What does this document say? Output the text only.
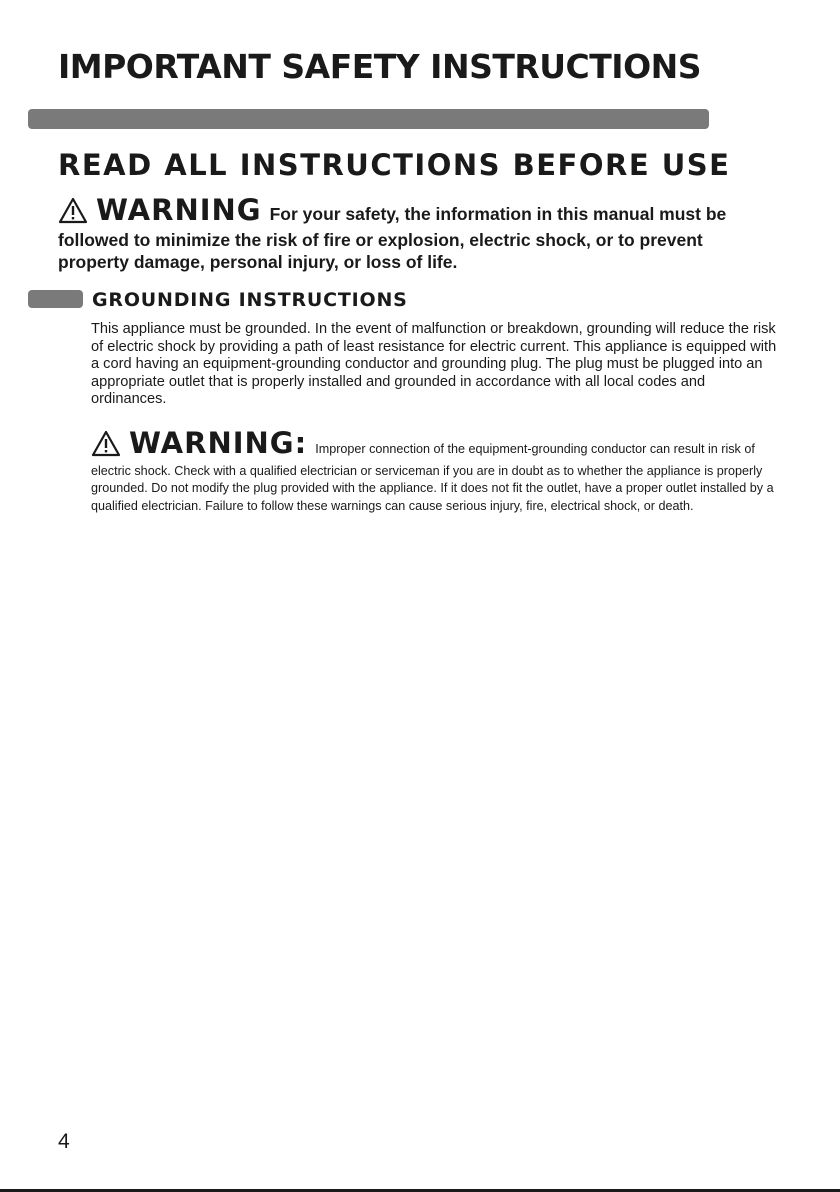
IMPORTANT SAFETY INSTRUCTIONS
READ ALL INSTRUCTIONS BEFORE USE
WARNING For your safety, the information in this manual must be followed to minimize the risk of fire or explosion, electric shock, or to prevent property damage, personal injury, or loss of life.
GROUNDING INSTRUCTIONS

This appliance must be grounded. In the event of malfunction or breakdown, grounding will reduce the risk of electric shock by providing a path of least resistance for electric current. This appliance is equipped with a cord having an equipment-grounding conductor and grounding plug. The plug must be plugged into an appropriate outlet that is properly installed and grounded in accordance with all local codes and ordinances.

WARNING: Improper connection of the equipment-grounding conductor can result in risk of electric shock. Check with a qualified electrician or serviceman if you are in doubt as to whether the appliance is properly grounded. Do not modify the plug provided with the appliance. If it does not fit the outlet, have a proper outlet installed by a qualified electrician. Failure to follow these warnings can cause serious injury, fire, electrical shock, or death.
4
